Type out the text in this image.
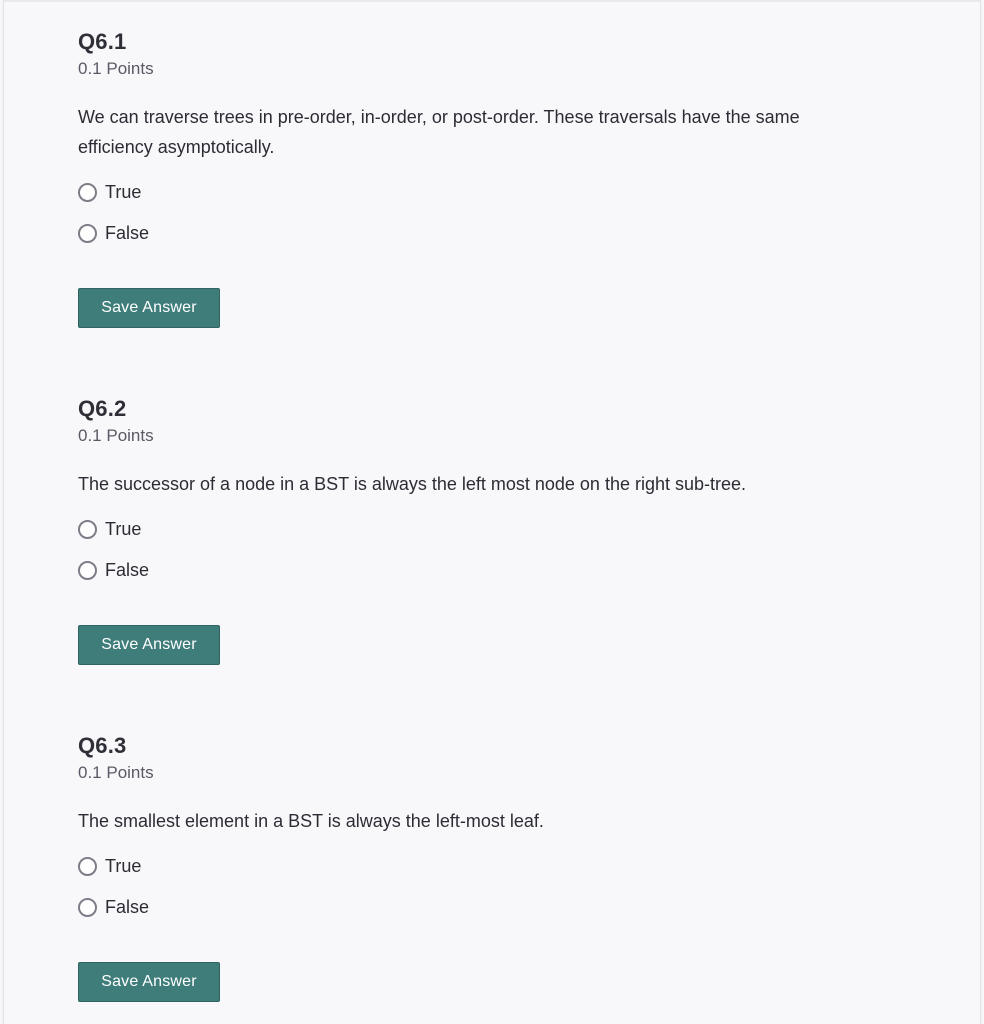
Q6.1
0.1 Points
We can traverse trees in pre-order, in-order, or post-order. These traversals have the same efficiency asymptotically.
True
False
Save Answer
Q6.2
0.1 Points
The successor of a node in a BST is always the left most node on the right sub-tree.
True
False
Save Answer
Q6.3
0.1 Points
The smallest element in a BST is always the left-most leaf.
True
False
Save Answer
